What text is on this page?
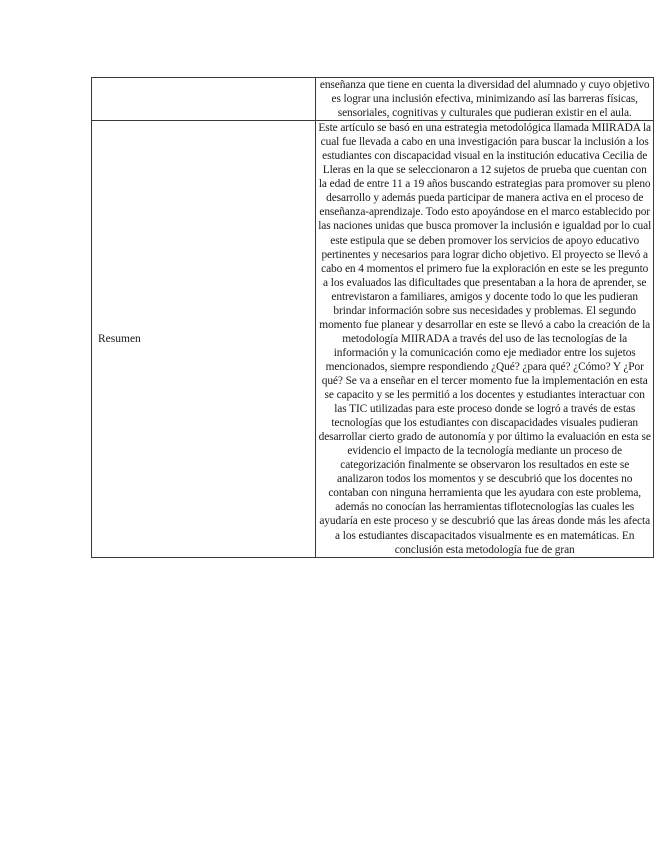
	enseñanza que tiene en cuenta la diversidad del alumnado y cuyo objetivo es lograr una inclusión efectiva, minimizando así las barreras físicas, sensoriales, cognitivas y culturales que pudieran existir en el aula.

Resumen	Este artículo se basó en una estrategia metodológica llamada MIIRADA la cual fue llevada a cabo en una investigación para buscar la inclusión a los estudiantes con discapacidad visual en la institución educativa Cecilia de Lleras en la que se seleccionaron a 12 sujetos de prueba que cuentan con la edad de entre 11 a 19 años buscando estrategias para promover su pleno desarrollo y además pueda participar de manera activa en el proceso de enseñanza-aprendizaje. Todo esto apoyándose en el marco establecido por las naciones unidas que busca promover la inclusión e igualdad por lo cual este estipula que se deben promover los servicios de apoyo educativo pertinentes y necesarios para lograr dicho objetivo. El proyecto se llevó a cabo en 4 momentos el primero fue la exploración en este se les pregunto a los evaluados las dificultades que presentaban a la hora de aprender, se entrevistaron a familiares, amigos y docente todo lo que les pudieran brindar información sobre sus necesidades y problemas. El segundo momento fue planear y desarrollar en este se llevó a cabo la creación de la metodología MIIRADA a través del uso de las tecnologías de la información y la comunicación como eje mediador entre los sujetos mencionados, siempre respondiendo ¿Qué? ¿para qué? ¿Cómo? Y ¿Por qué? Se va a enseñar en el tercer momento fue la implementación en esta se capacito y se les permitió a los docentes y estudiantes interactuar con las TIC utilizadas para este proceso donde se logró a través de estas tecnologías que los estudiantes con discapacidades visuales pudieran desarrollar cierto grado de autonomía y por último la evaluación en esta se evidencio el impacto de la tecnología mediante un proceso de categorización finalmente se observaron los resultados en este se analizaron todos los momentos y se descubrió que los docentes no contaban con ninguna herramienta que les ayudara con este problema, además no conocían las herramientas tiflotecnologías las cuales les ayudaría en este proceso y se descubrió que las áreas donde más les afecta a los estudiantes discapacitados visualmente es en matemáticas. En conclusión esta metodología fue de gran
